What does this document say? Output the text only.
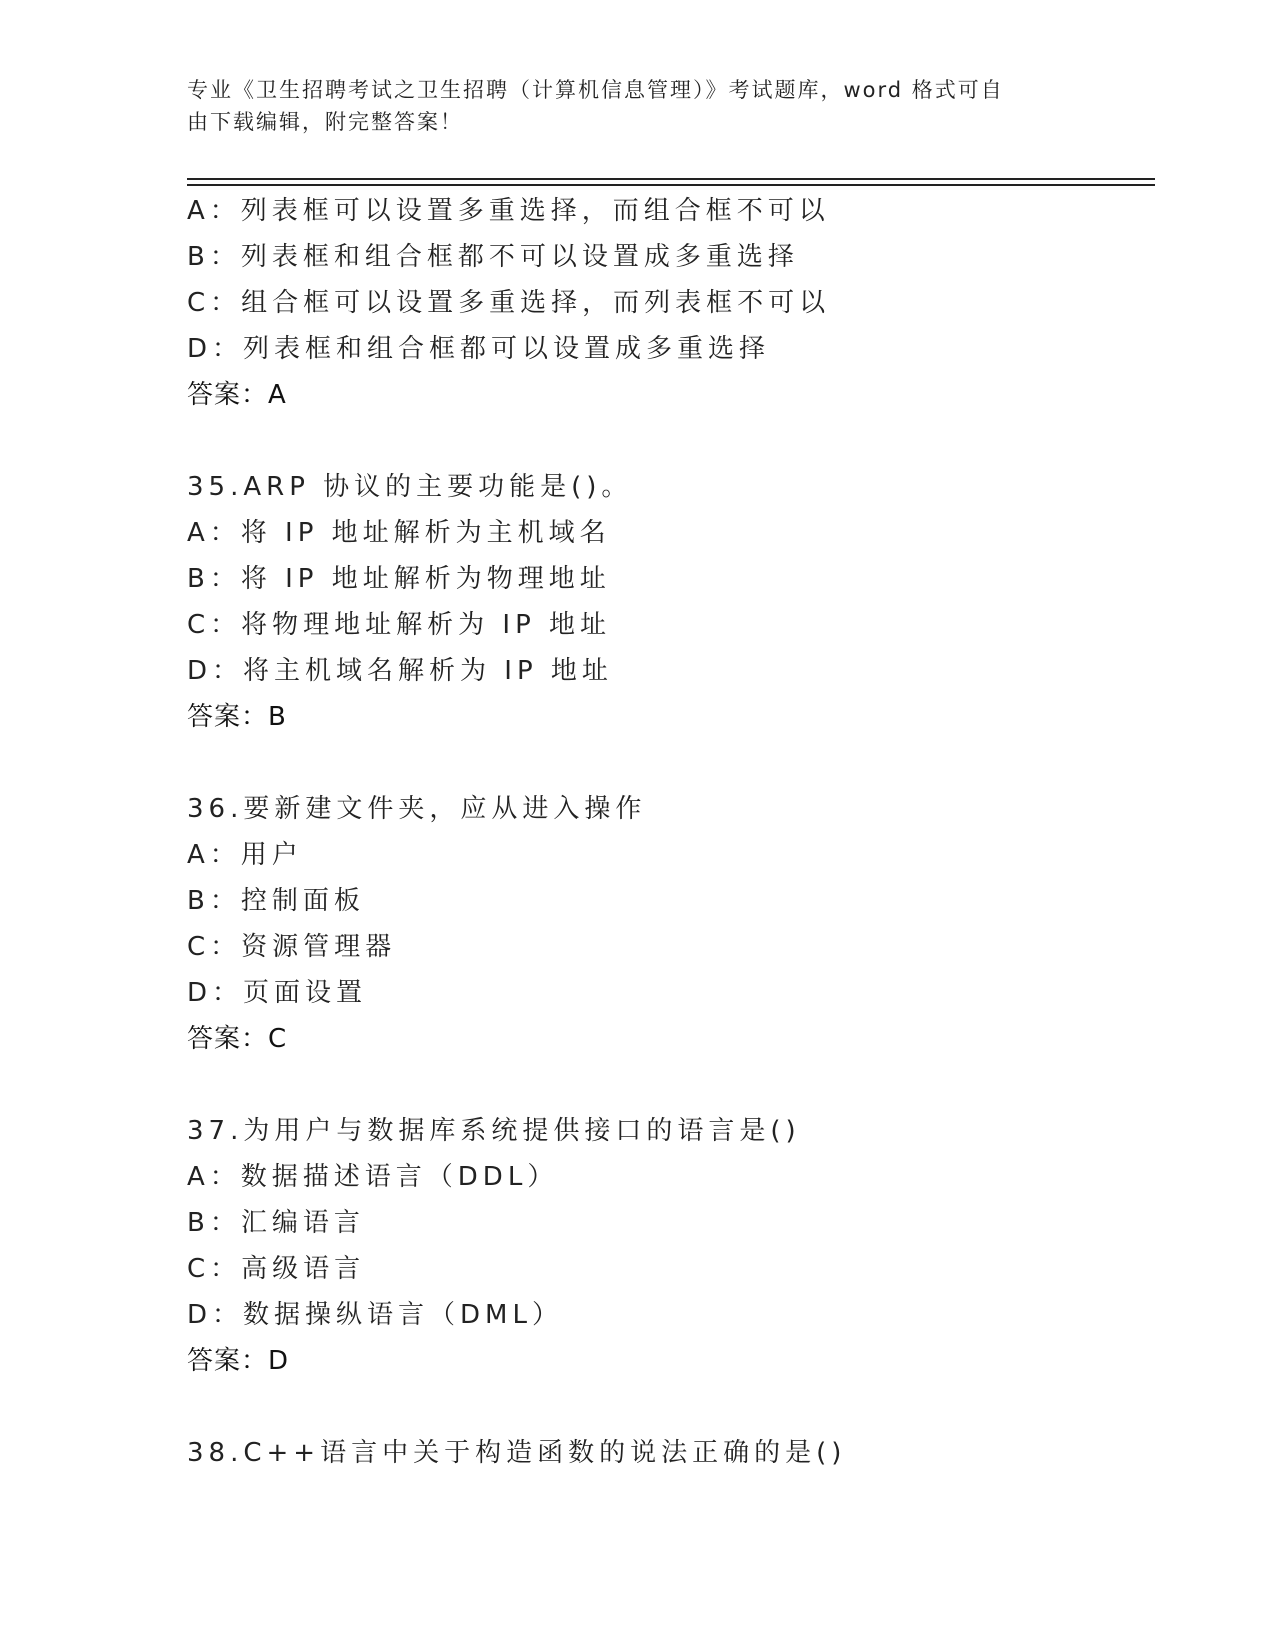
专业《卫生招聘考试之卫生招聘（计算机信息管理）》考试题库，word 格式可自
由下载编辑，附完整答案！
A：列表框可以设置多重选择，而组合框不可以
B：列表框和组合框都不可以设置成多重选择
C：组合框可以设置多重选择，而列表框不可以
D：列表框和组合框都可以设置成多重选择
答案：A
35.ARP 协议的主要功能是()。
A：将 IP 地址解析为主机域名
B：将 IP 地址解析为物理地址
C：将物理地址解析为 IP 地址
D：将主机域名解析为 IP 地址
答案：B
36.要新建文件夹，应从进入操作
A：用户
B：控制面板
C：资源管理器
D：页面设置
答案：C
37.为用户与数据库系统提供接口的语言是()
A：数据描述语言（DDL）
B：汇编语言
C：高级语言
D：数据操纵语言（DML）
答案：D
38.C++语言中关于构造函数的说法正确的是()
